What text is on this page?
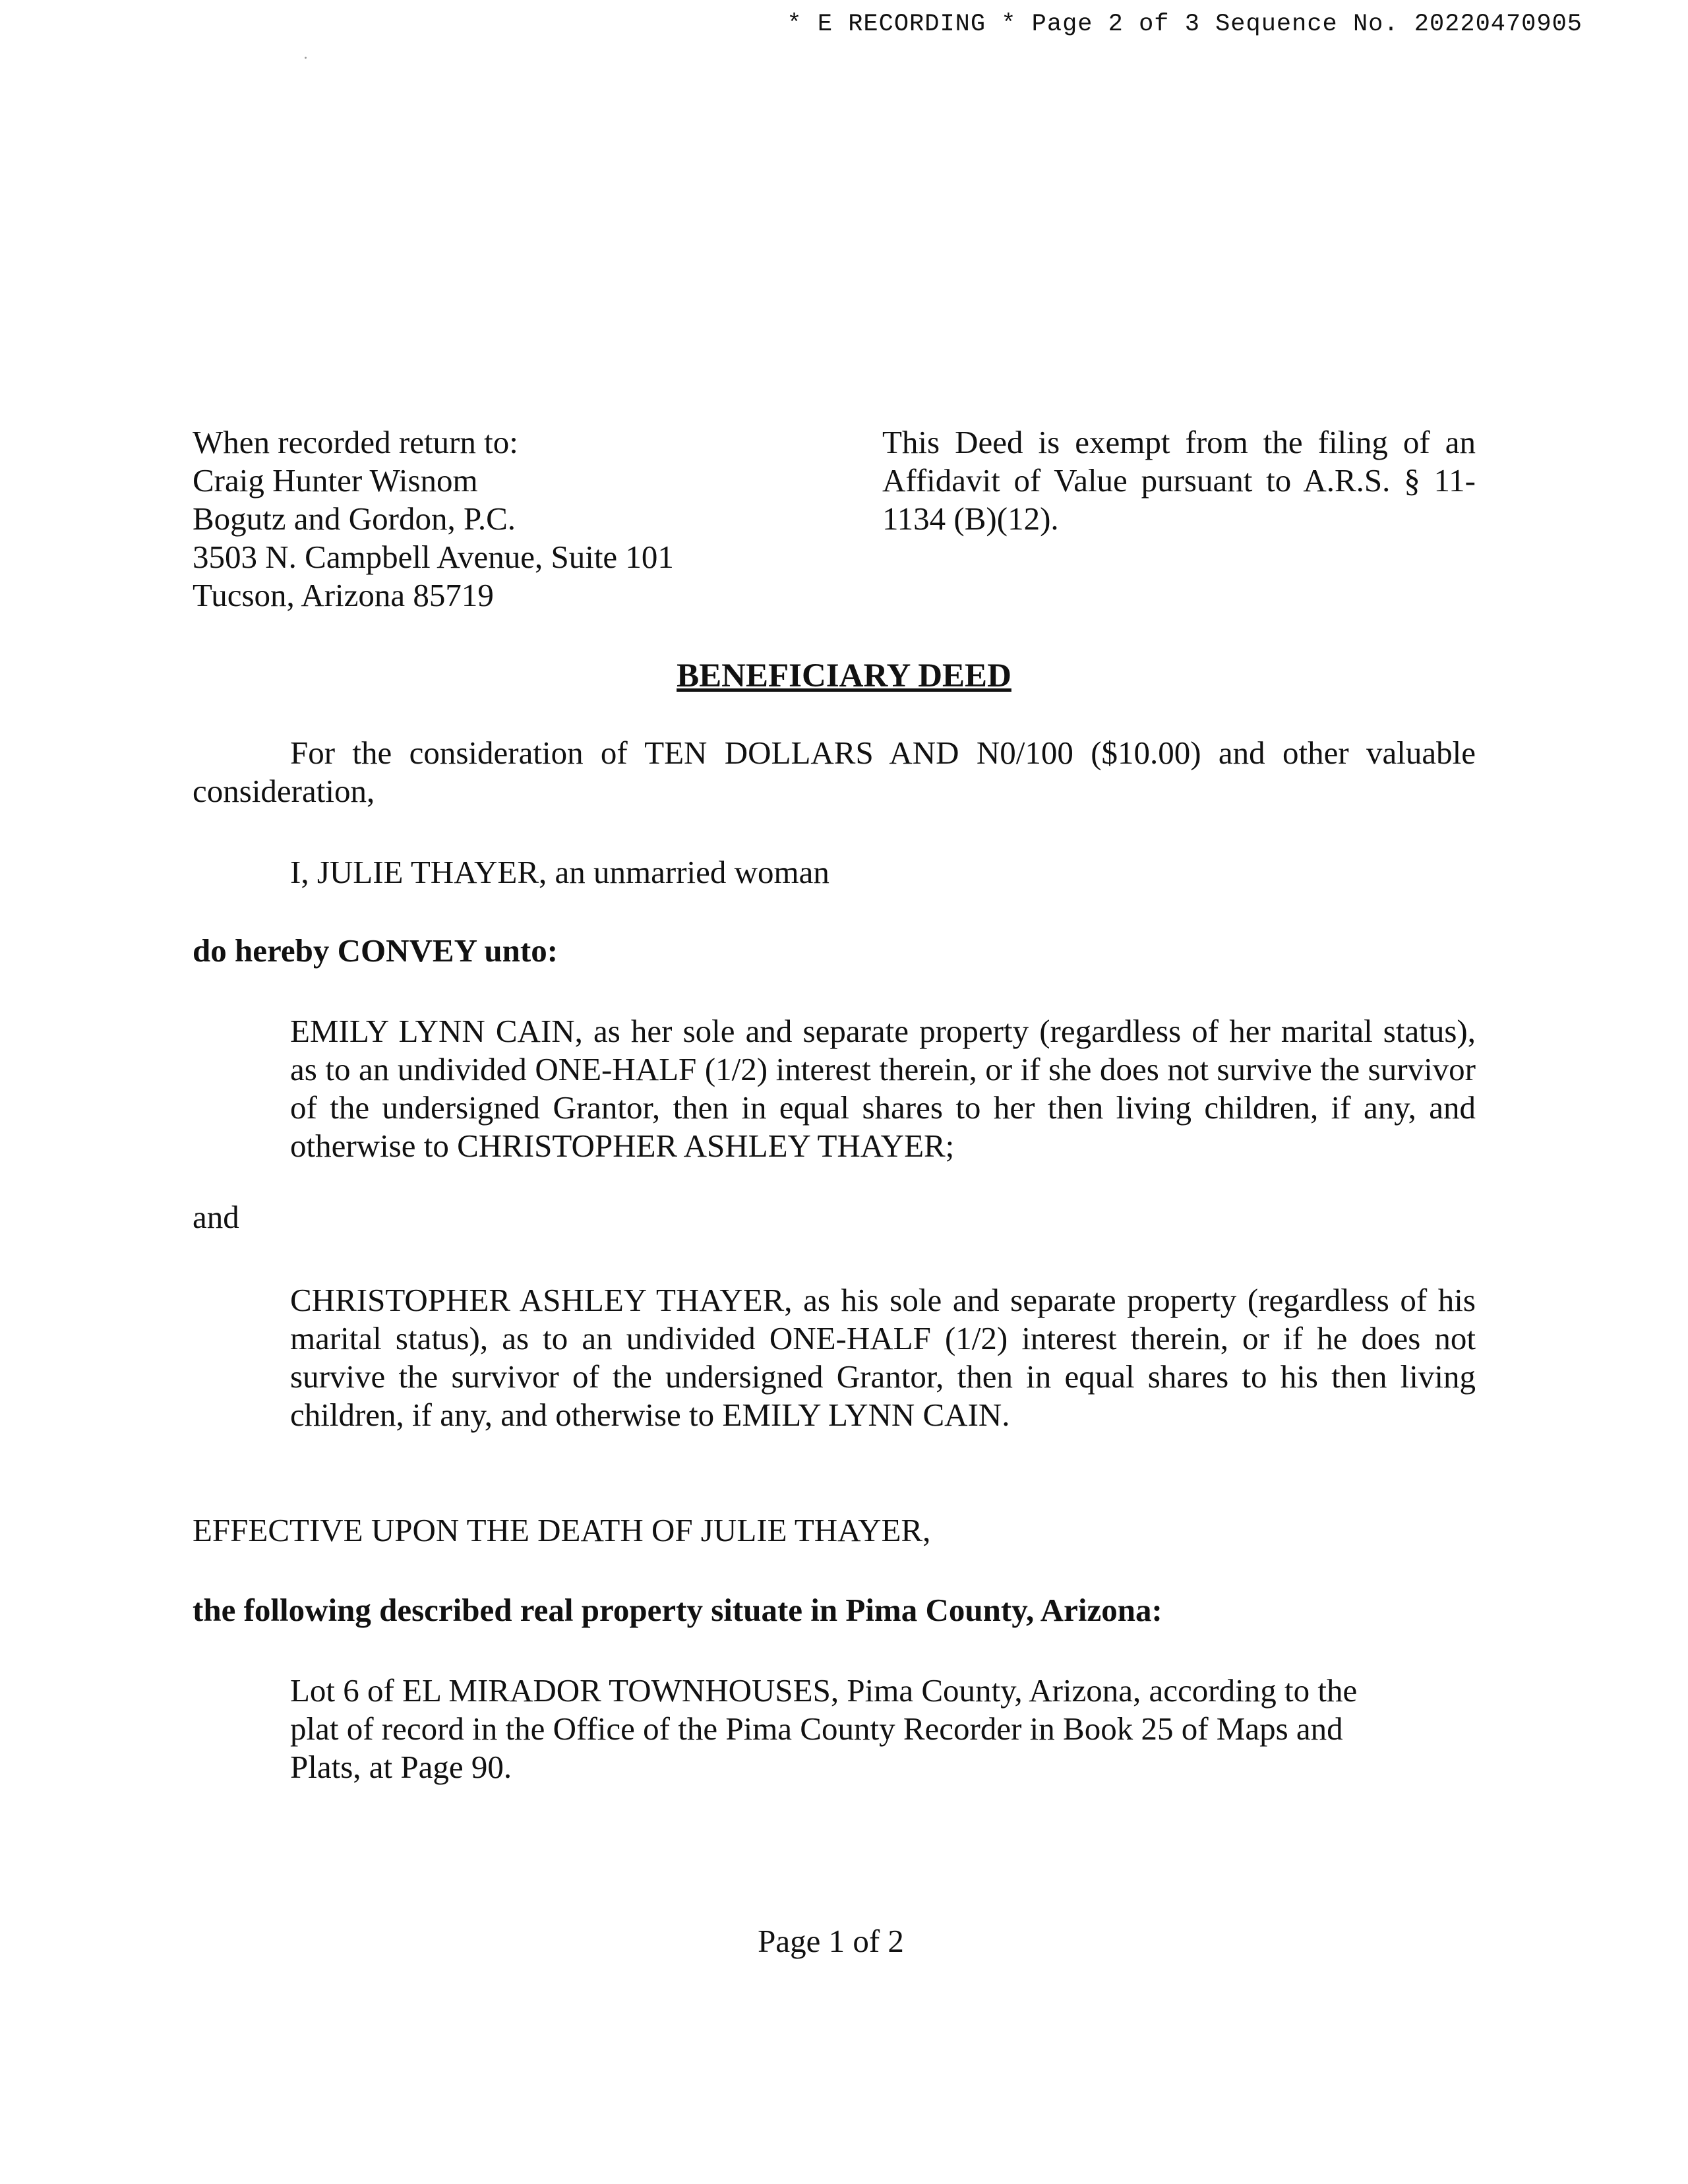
* E RECORDING * Page 2 of 3 Sequence No. 20220470905
When recorded return to:
Craig Hunter Wisnom
Bogutz and Gordon, P.C.
3503 N. Campbell Avenue, Suite 101
Tucson, Arizona 85719
This Deed is exempt from the filing of an Affidavit of Value pursuant to A.R.S. § 11-1134 (B)(12).
BENEFICIARY DEED
For the consideration of TEN DOLLARS AND N0/100 ($10.00) and other valuable consideration,
I, JULIE THAYER, an unmarried woman
do hereby CONVEY unto:
EMILY LYNN CAIN, as her sole and separate property (regardless of her marital status), as to an undivided ONE-HALF (1/2) interest therein, or if she does not survive the survivor of the undersigned Grantor, then in equal shares to her then living children, if any, and otherwise to CHRISTOPHER ASHLEY THAYER;
and
CHRISTOPHER ASHLEY THAYER, as his sole and separate property (regardless of his marital status), as to an undivided ONE-HALF (1/2) interest therein, or if he does not survive the survivor of the undersigned Grantor, then in equal shares to his then living children, if any, and otherwise to EMILY LYNN CAIN.
EFFECTIVE UPON THE DEATH OF JULIE THAYER,
the following described real property situate in Pima County, Arizona:
Lot 6 of EL MIRADOR TOWNHOUSES, Pima County, Arizona, according to the plat of record in the Office of the Pima County Recorder in Book 25 of Maps and Plats, at Page 90.
Page 1 of 2
